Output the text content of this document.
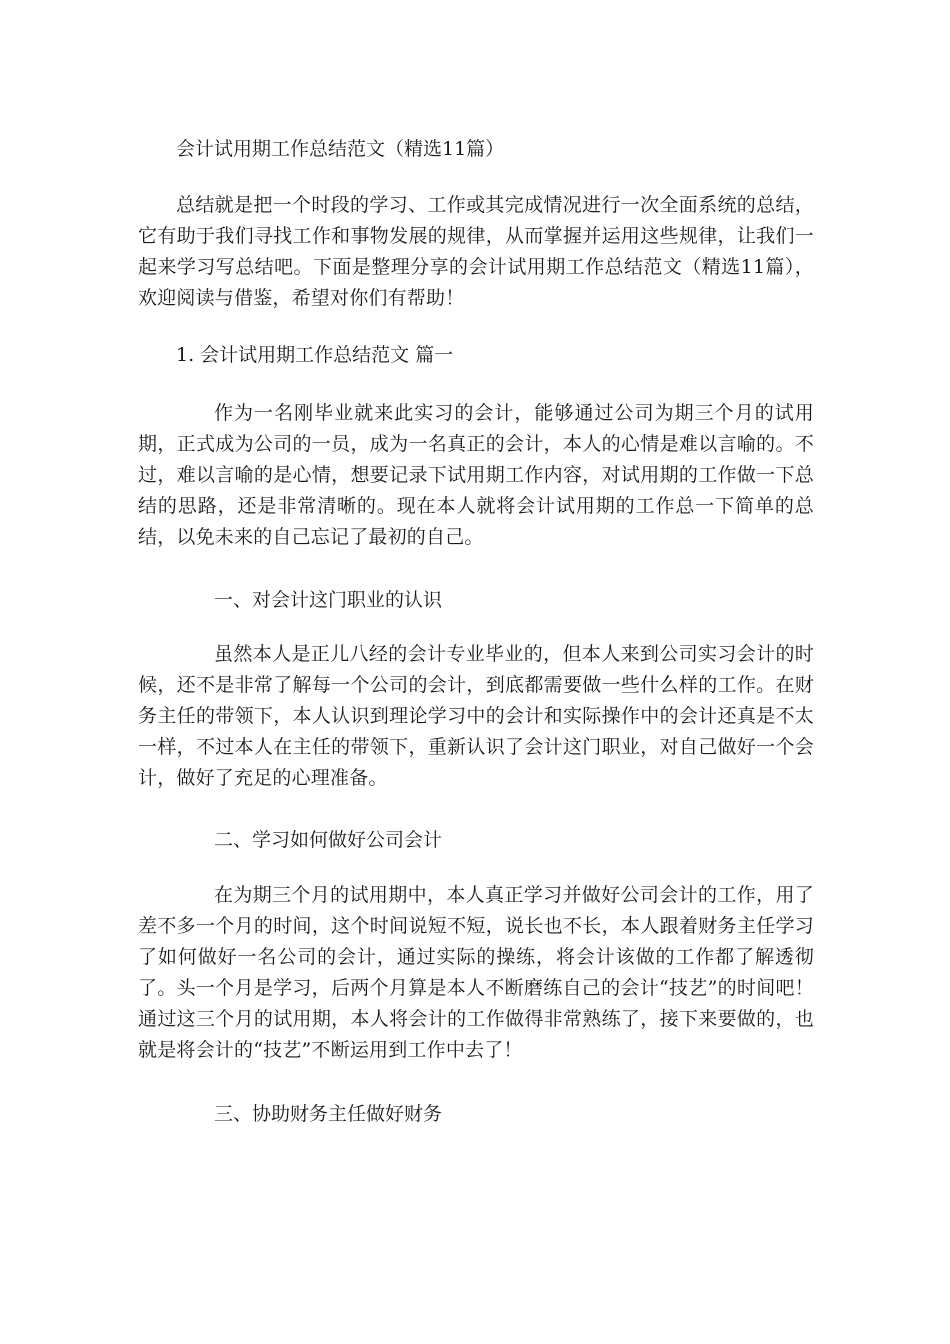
会计试用期工作总结范文（精选11篇）
总结就是把一个时段的学习、工作或其完成情况进行一次全面系统的总结，它有助于我们寻找工作和事物发展的规律，从而掌握并运用这些规律，让我们一起来学习写总结吧。下面是整理分享的会计试用期工作总结范文（精选11篇），欢迎阅读与借鉴，希望对你们有帮助！
1. 会计试用期工作总结范文 篇一
作为一名刚毕业就来此实习的会计，能够通过公司为期三个月的试用期，正式成为公司的一员，成为一名真正的会计，本人的心情是难以言喻的。不过，难以言喻的是心情，想要记录下试用期工作内容，对试用期的工作做一下总结的思路，还是非常清晰的。现在本人就将会计试用期的工作总一下简单的总结，以免未来的自己忘记了最初的自己。
一、对会计这门职业的认识
虽然本人是正儿八经的会计专业毕业的，但本人来到公司实习会计的时候，还不是非常了解每一个公司的会计，到底都需要做一些什么样的工作。在财务主任的带领下，本人认识到理论学习中的会计和实际操作中的会计还真是不太一样，不过本人在主任的带领下，重新认识了会计这门职业，对自己做好一个会计，做好了充足的心理准备。
二、学习如何做好公司会计
在为期三个月的试用期中，本人真正学习并做好公司会计的工作，用了差不多一个月的时间，这个时间说短不短，说长也不长，本人跟着财务主任学习了如何做好一名公司的会计，通过实际的操练，将会计该做的工作都了解透彻了。头一个月是学习，后两个月算是本人不断磨练自己的会计“技艺”的时间吧！通过这三个月的试用期，本人将会计的工作做得非常熟练了，接下来要做的，也就是将会计的“技艺”不断运用到工作中去了！
三、协助财务主任做好财务
